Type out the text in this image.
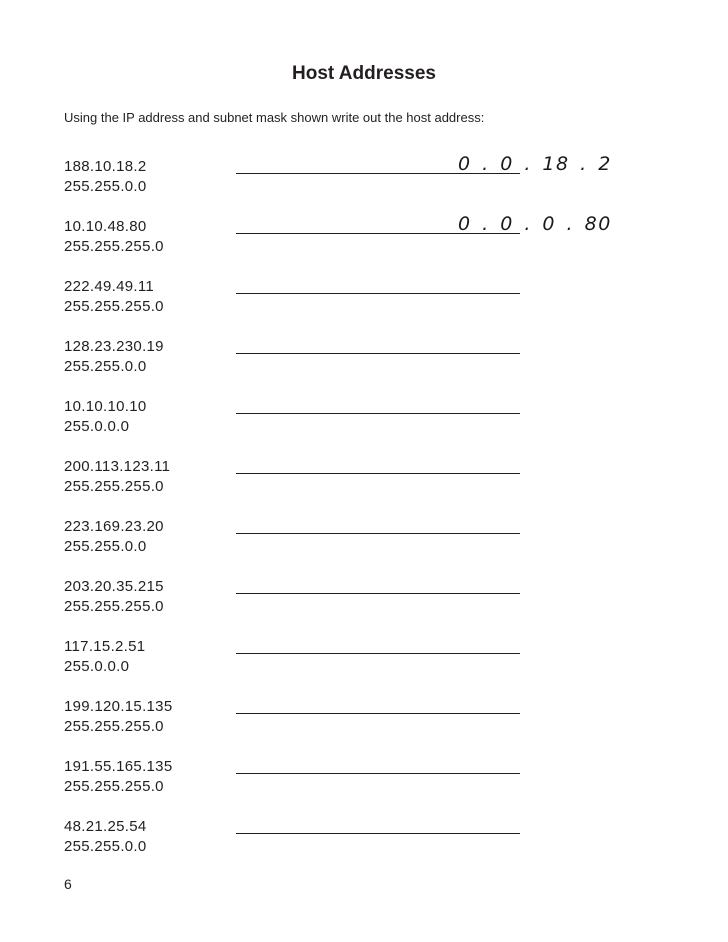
Host Addresses

Using the IP address and subnet mask shown write out the host address:

188.10.18.2
255.255.0.0
0 . 0 . 18 . 2
10.10.48.80
255.255.255.0
0 . 0 . 0 . 80
222.49.49.11
255.255.255.0
128.23.230.19
255.255.0.0
10.10.10.10
255.0.0.0
200.113.123.11
255.255.255.0
223.169.23.20
255.255.0.0
203.20.35.215
255.255.255.0
117.15.2.51
255.0.0.0
199.120.15.135
255.255.255.0
191.55.165.135
255.255.255.0
48.21.25.54
255.255.0.0
6
